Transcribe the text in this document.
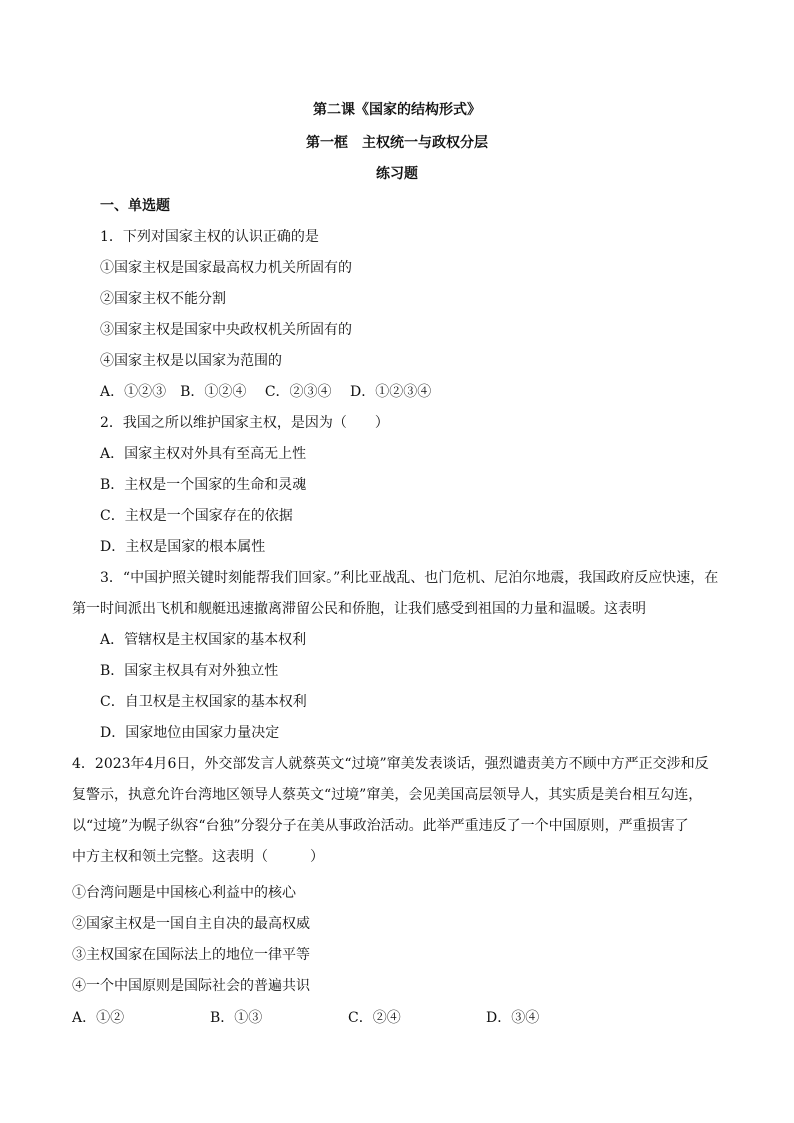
第二课《国家的结构形式》
第一框　主权统一与政权分层
练习题
一、单选题
1．下列对国家主权的认识正确的是
①国家主权是国家最高权力机关所固有的
②国家主权不能分割
③国家主权是国家中央政权机关所固有的
④国家主权是以国家为范围的
A．①②③　B．①②④　 C．②③④　 D．①②③④
2．我国之所以维护国家主权，是因为（　　）
A．国家主权对外具有至高无上性
B．主权是一个国家的生命和灵魂
C．主权是一个国家存在的依据
D．主权是国家的根本属性
3．“中国护照关键时刻能帮我们回家。”利比亚战乱、也门危机、尼泊尔地震，我国政府反应快速，在
第一时间派出飞机和舰艇迅速撤离滞留公民和侨胞，让我们感受到祖国的力量和温暖。这表明
A．管辖权是主权国家的基本权利
B．国家主权具有对外独立性
C．自卫权是主权国家的基本权利
D．国家地位由国家力量决定
4．2023年4月6日，外交部发言人就蔡英文“过境”窜美发表谈话，强烈谴责美方不顾中方严正交涉和反
复警示，执意允许台湾地区领导人蔡英文“过境”窜美，会见美国高层领导人，其实质是美台相互勾连，
以“过境”为幌子纵容“台独”分裂分子在美从事政治活动。此举严重违反了一个中国原则，严重损害了
中方主权和领土完整。这表明（　　　）
①台湾问题是中国核心利益中的核心
②国家主权是一国自主自决的最高权威
③主权国家在国际法上的地位一律平等
④一个中国原则是国际社会的普遍共识
A．①②	B．①③	C．②④	D．③④
